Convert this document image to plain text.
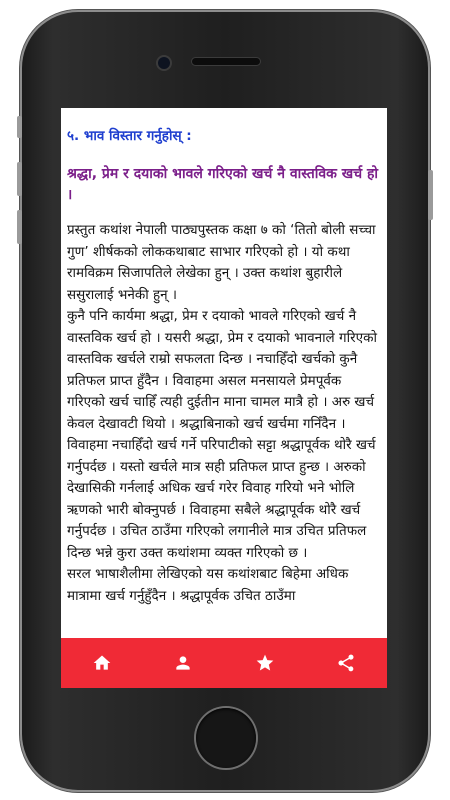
५. भाव विस्तार गर्नुहोस् :

श्रद्धा, प्रेम र दयाको भावले गरिएको खर्च नै वास्तविक खर्च हो ।

प्रस्तुत कथांश नेपाली पाठ्यपुस्तक कक्षा ७ को ‘तितो बोली सच्चा गुण’ शीर्षकको लोककथाबाट साभार गरिएको हो । यो कथा रामविक्रम सिजापतिले लेखेका हुन् । उक्त कथांश बुहारीले ससुरालाई भनेकी हुन् ।

कुनै पनि कार्यमा श्रद्धा, प्रेम र दयाको भावले गरिएको खर्च नै वास्तविक खर्च हो । यसरी श्रद्धा, प्रेम र दयाको भावनाले गरिएको वास्तविक खर्चले राम्रो सफलता दिन्छ । नचाहिँदो खर्चको कुनै प्रतिफल प्राप्त हुँदैन । विवाहमा असल मनसायले प्रेमपूर्वक गरिएको खर्च चाहिँ त्यही दुईतीन माना चामल मात्रै हो । अरु खर्च केवल देखावटी थियो । श्रद्धाबिनाको खर्च खर्चमा गनिँदैन । विवाहमा नचाहिँदो खर्च गर्ने परिपाटीको सट्टा श्रद्धापूर्वक थोरै खर्च गर्नुपर्दछ । यस्तो खर्चले मात्र सही प्रतिफल प्राप्त हुन्छ । अरुको देखासिकी गर्नलाई अधिक खर्च गरेर विवाह गरियो भने भोलि ऋणको भारी बोक्नुपर्छ । विवाहमा सबैले श्रद्धापूर्वक थोरै खर्च गर्नुपर्दछ । उचित ठाउँमा गरिएको लगानीले मात्र उचित प्रतिफल दिन्छ भन्ने कुरा उक्त कथांशमा व्यक्त गरिएको छ ।

सरल भाषाशैलीमा लेखिएको यस कथांशबाट बिहेमा अधिक मात्रामा खर्च गर्नुहुँदैन । श्रद्धापूर्वक उचित ठाउँमा
